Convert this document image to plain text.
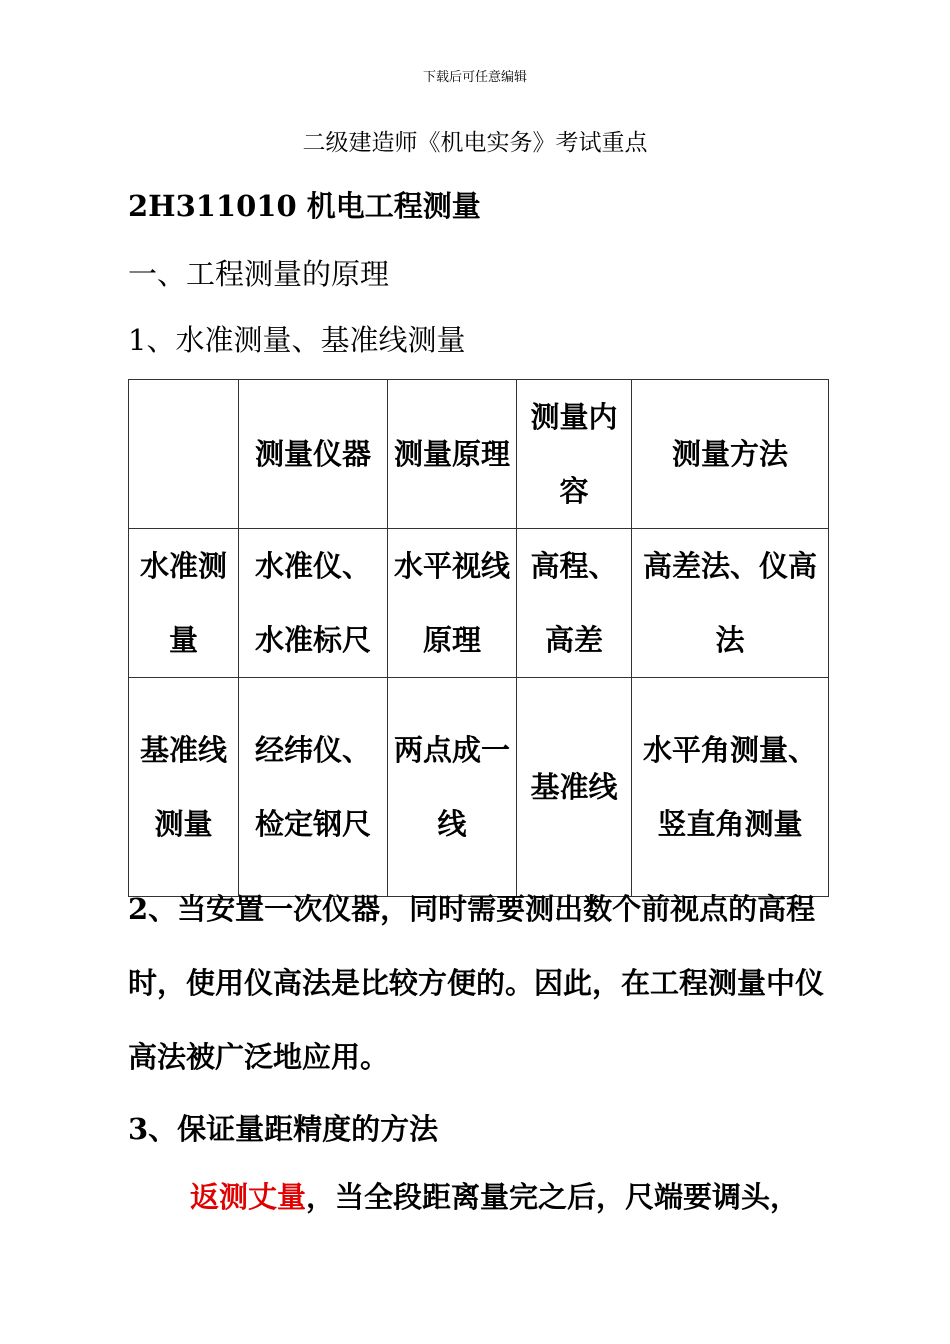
下载后可任意编辑
二级建造师《机电实务》考试重点
2H311010 机电工程测量
一、工程测量的原理
1、水准测量、基准线测量
	测量仪器	测量原理	测量内容	测量方法
水准测量	水准仪、水准标尺	水平视线原理	高程、高差	高差法、仪高法
基准线测量	经纬仪、检定钢尺	两点成一线	基准线	水平角测量、竖直角测量
2、当安置一次仪器，同时需要测出数个前视点的高程时，使用仪高法是比较方便的。因此，在工程测量中仪高法被广泛地应用。
3、保证量距精度的方法
返测丈量，当全段距离量完之后，尺端要调头，
